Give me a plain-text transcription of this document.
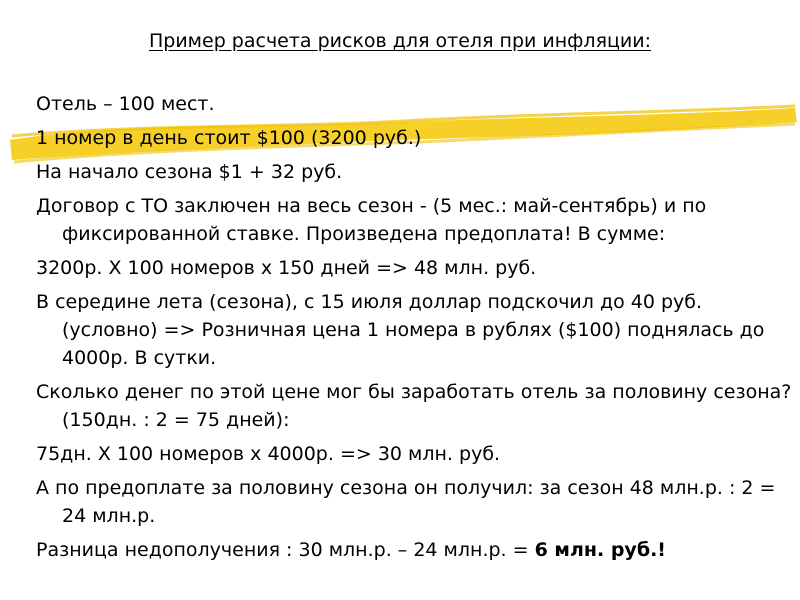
Пример расчета рисков для отеля при инфляции:

Отель – 100 мест.

1 номер в день стоит $100 (3200 руб.)

На начало сезона $1 + 32 руб.

Договор с ТО заключен на весь сезон - (5 мес.: май-сентябрь) и по фиксированной ставке. Произведена предоплата! В сумме:

3200р. Х 100 номеров х 150 дней => 48 млн. руб.

В середине лета (сезона), с 15 июля доллар подскочил до 40 руб. (условно) => Розничная цена 1 номера в рублях ($100) поднялась до 4000р. В сутки.

Сколько денег по этой цене мог бы заработать отель за половину сезона? (150дн. : 2 = 75 дней):

75дн. Х 100 номеров х 4000р. => 30 млн. руб.

А по предоплате за половину сезона он получил: за сезон 48 млн.р. : 2 = 24 млн.р.

Разница недополучения : 30 млн.р. – 24 млн.р. = 6 млн. руб.!
